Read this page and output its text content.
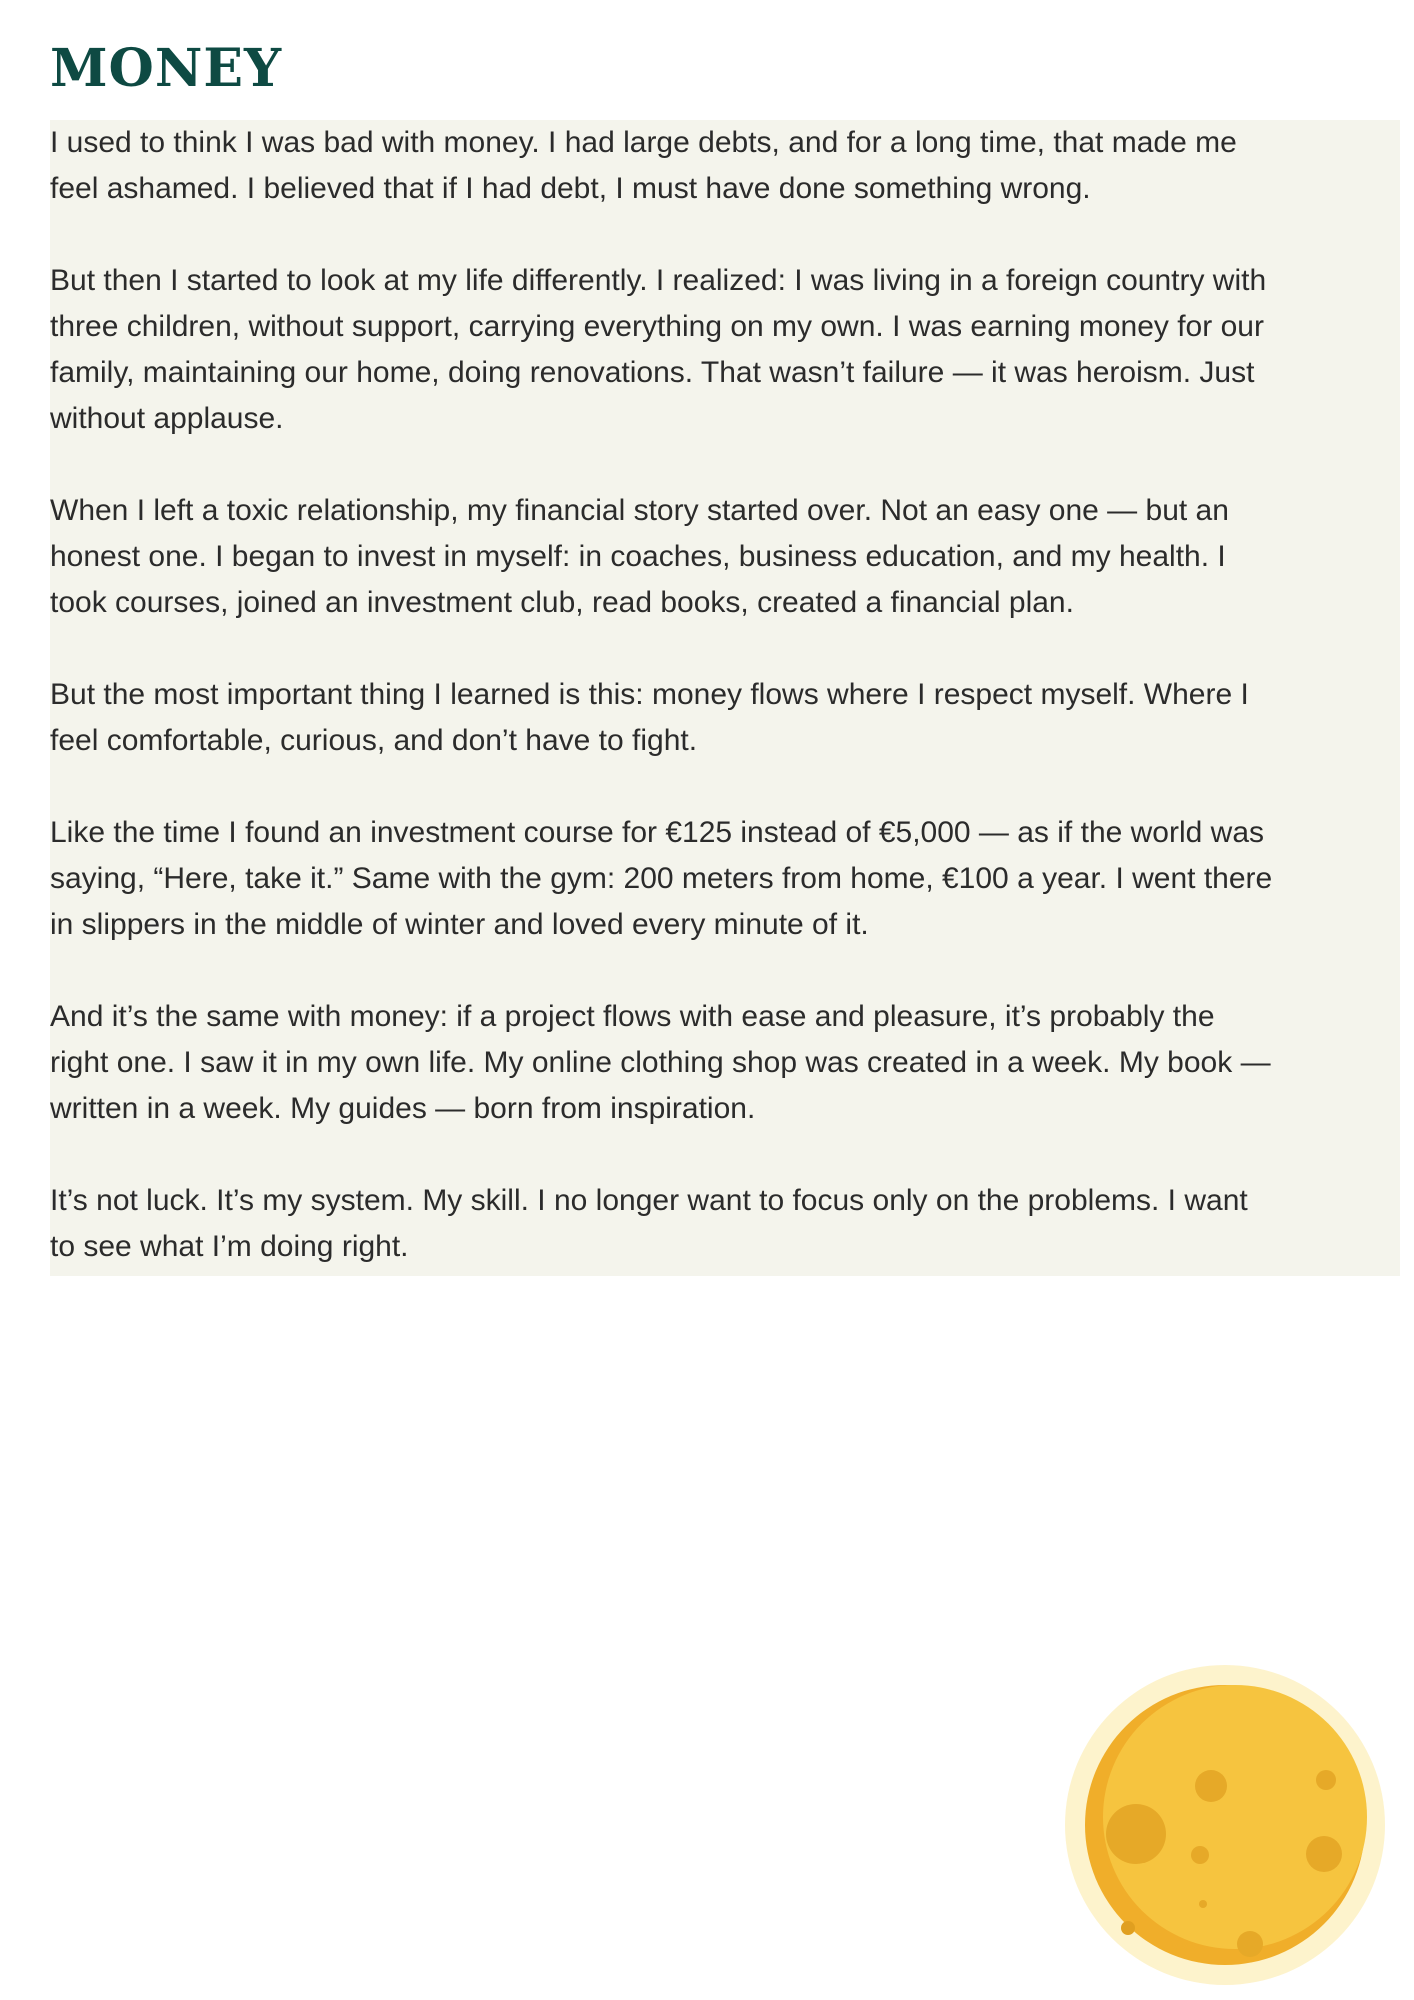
MONEY

I used to think I was bad with money. I had large debts, and for a long time, that made me
feel ashamed. I believed that if I had debt, I must have done something wrong.

But then I started to look at my life differently. I realized: I was living in a foreign country with
three children, without support, carrying everything on my own. I was earning money for our
family, maintaining our home, doing renovations. That wasn’t failure — it was heroism. Just
without applause.

When I left a toxic relationship, my financial story started over. Not an easy one — but an
honest one. I began to invest in myself: in coaches, business education, and my health. I
took courses, joined an investment club, read books, created a financial plan.

But the most important thing I learned is this: money flows where I respect myself. Where I
feel comfortable, curious, and don’t have to fight.

Like the time I found an investment course for €125 instead of €5,000 — as if the world was
saying, “Here, take it.” Same with the gym: 200 meters from home, €100 a year. I went there
in slippers in the middle of winter and loved every minute of it.

And it’s the same with money: if a project flows with ease and pleasure, it’s probably the
right one. I saw it in my own life. My online clothing shop was created in a week. My book —
written in a week. My guides — born from inspiration.

It’s not luck. It’s my system. My skill. I no longer want to focus only on the problems. I want
to see what I’m doing right.
